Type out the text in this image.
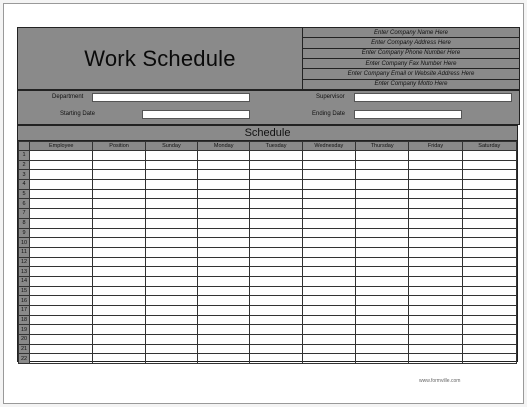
Work Schedule
Enter Company Name Here
Enter Company Address Here
Enter Company Phone Number Here
Enter Company Fax Number Here
Enter Company Email or Website Address Here
Enter Company Motto Here
Department
Starting Date
Supervisor
Ending Date
Schedule
	Employee	Position	Sunday	Monday	Tuesday	Wednesday	Thursday	Friday	Saturday
1									
2									
3									
4									
5									
6									
7									
8									
9									
10									
11									
12									
13									
14									
15									
16									
17									
18									
19									
20									
21									
22									
www.formville.com
